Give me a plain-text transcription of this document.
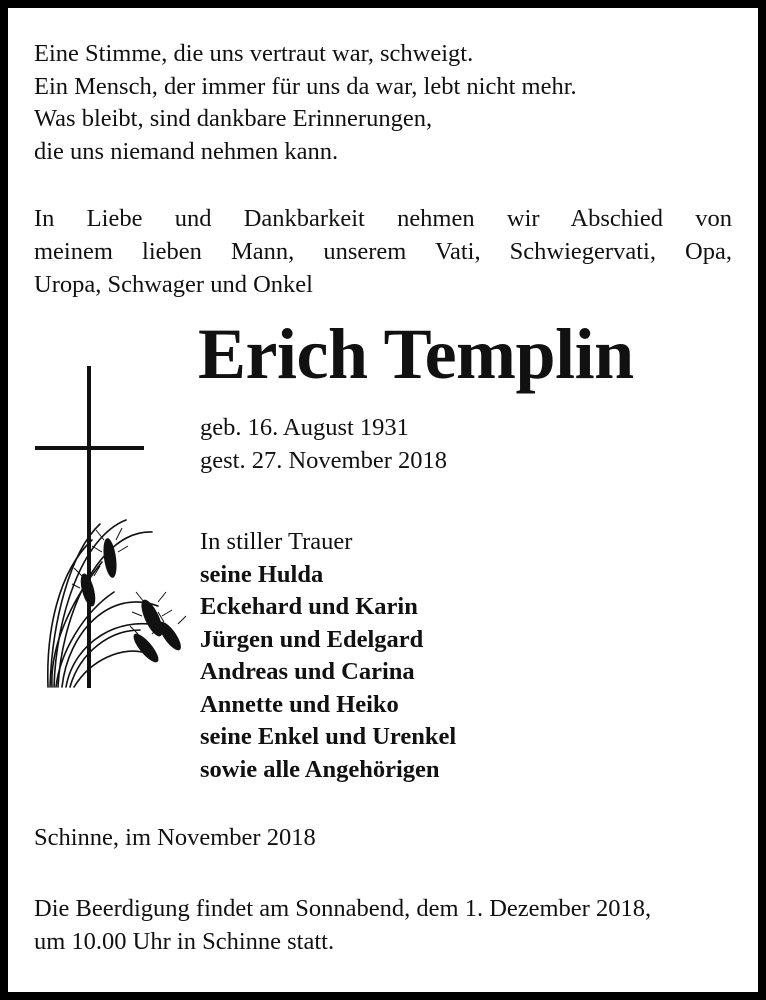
Eine Stimme, die uns vertraut war, schweigt.
Ein Mensch, der immer für uns da war, lebt nicht mehr.
Was bleibt, sind dankbare Erinnerungen,
die uns niemand nehmen kann.
In Liebe und Dankbarkeit nehmen wir Abschied von
meinem lieben Mann, unserem Vati, Schwiegervati, Opa,
Uropa, Schwager und Onkel
Erich Templin
geb. 16. August 1931
gest. 27. November 2018
In stiller Trauer
seine Hulda
Eckehard und Karin
Jürgen und Edelgard
Andreas und Carina
Annette und Heiko
seine Enkel und Urenkel
sowie alle Angehörigen
Schinne, im November 2018
Die Beerdigung findet am Sonnabend, dem 1. Dezember 2018,
um 10.00 Uhr in Schinne statt.
